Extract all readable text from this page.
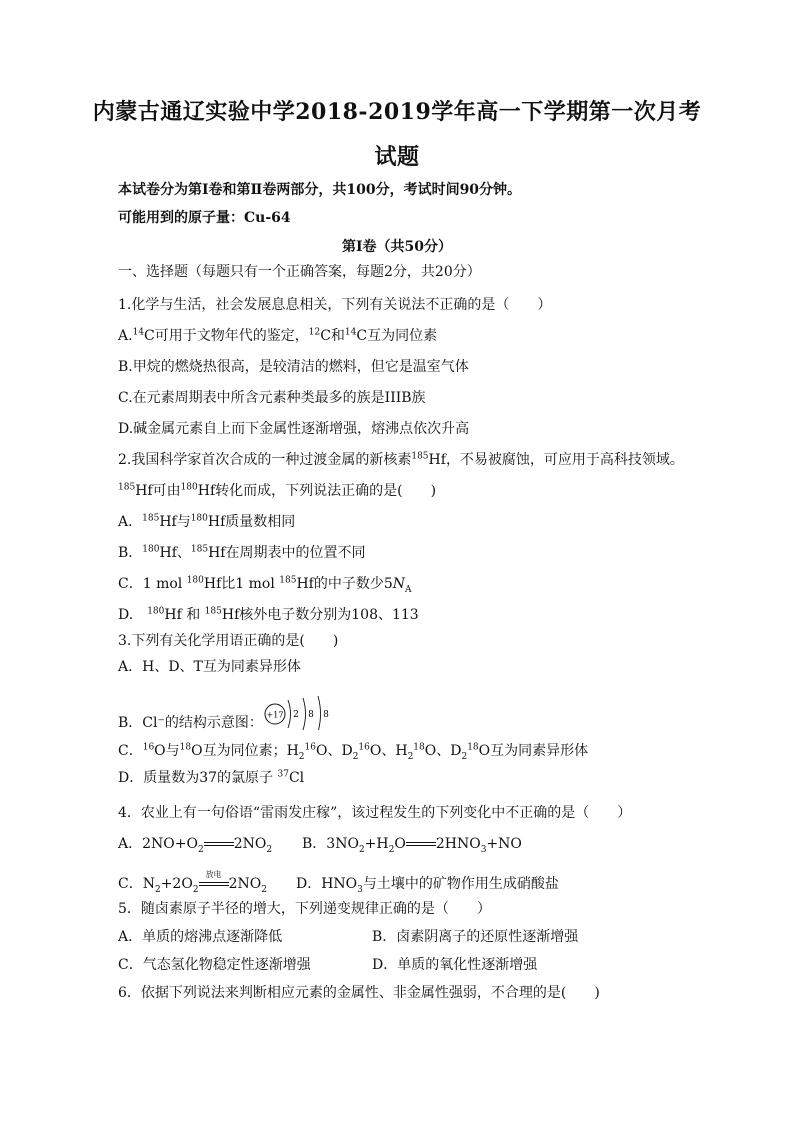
内蒙古通辽实验中学2018-2019学年高一下学期第一次月考
试题
本试卷分为第Ⅰ卷和第Ⅱ卷两部分，共100分，考试时间90分钟。
可能用到的原子量：Cu-64
第Ⅰ卷（共50分）
一、选择题（每题只有一个正确答案，每题2分，共20分）
1.化学与生活，社会发展息息相关，下列有关说法不正确的是（　　）
A.$^{14}$C可用于文物年代的鉴定，$^{12}$C和$^{14}$C互为同位素
B.甲烷的燃烧热很高，是较清洁的燃料，但它是温室气体
C.在元素周期表中所含元素种类最多的族是IIIB族
D.碱金属元素自上而下金属性逐渐增强，熔沸点依次升高
2.我国科学家首次合成的一种过渡金属的新核素$^{185}$Hf，不易被腐蚀，可应用于高科技领域。
$^{185}$Hf可由$^{180}$Hf转化而成，下列说法正确的是(　　)
A．$^{185}$Hf与$^{180}$Hf质量数相同
B．$^{180}$Hf、$^{185}$Hf在周期表中的位置不同
C．1 mol $^{180}$Hf比1 mol $^{185}$Hf的中子数少$5N_A$
D.　$^{180}$Hf 和 $^{185}$Hf核外电子数分别为108、113
3.下列有关化学用语正确的是(　　)
A．H、D、T互为同素异形体
B．Cl⁻的结构示意图： +17 2 8 8
C．$^{16}$O与$^{18}$O互为同位素；$H_2^{16}O$、$D_2^{16}O$、$H_2^{18}O$、$D_2^{18}O$互为同素异形体
D．质量数为37的氯原子 $^{37}$Cl
4．农业上有一句俗语“雷雨发庄稼”，该过程发生的下列变化中不正确的是（　　）
A．$2NO+O_2$ $2NO_2$ B．$3NO_2+H_2O$ $2HNO_3+NO$
C．$N_2+2O_2$
放电
$2NO_2$ D．$HNO_3$与土壤中的矿物作用生成硝酸盐
5．随卤素原子半径的增大，下列递变规律正确的是（　　）
A．单质的熔沸点逐渐降低	B．卤素阴离子的还原性逐渐增强
C．气态氢化物稳定性逐渐增强	D．单质的氧化性逐渐增强
6．依据下列说法来判断相应元素的金属性、非金属性强弱，不合理的是(　　)
